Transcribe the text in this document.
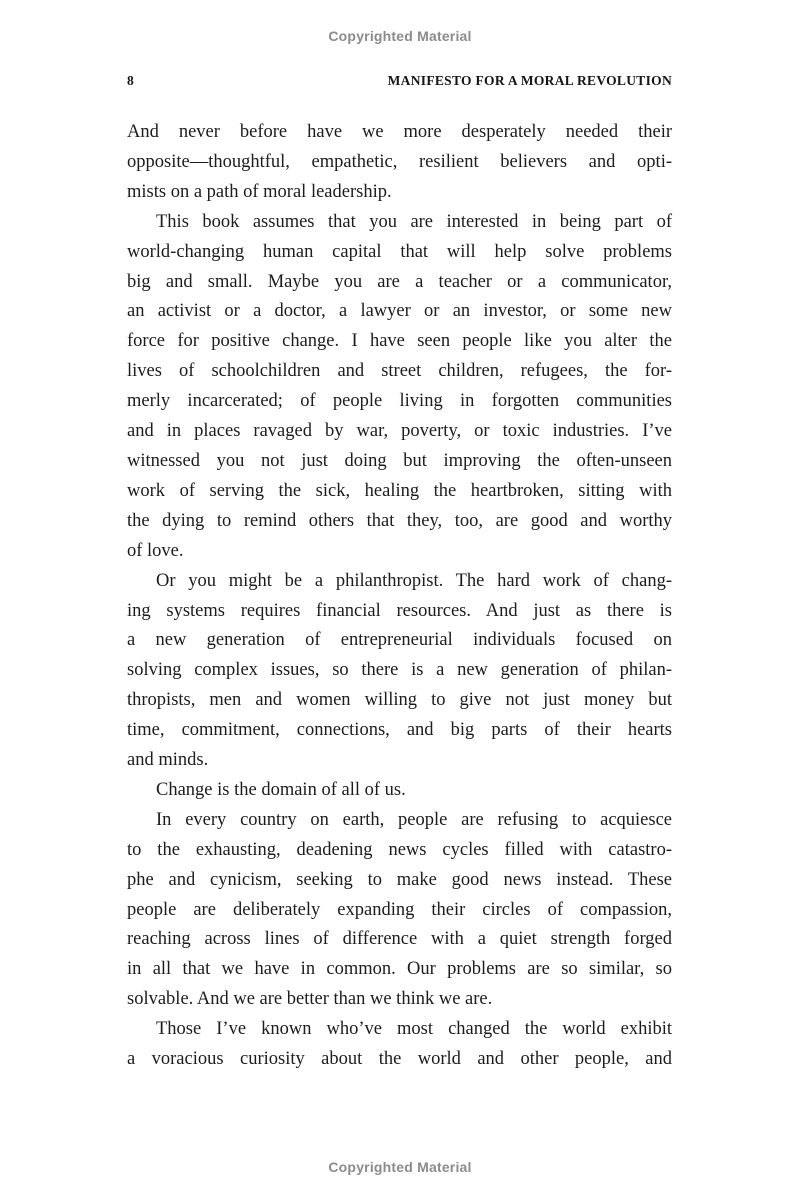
Copyrighted Material
8	MANIFESTO FOR A MORAL REVOLUTION
And never before have we more desperately needed their
opposite—thoughtful, empathetic, resilient believers and opti-
mists on a path of moral leadership.
This book assumes that you are interested in being part of
world-changing human capital that will help solve problems
big and small. Maybe you are a teacher or a communicator,
an activist or a doctor, a lawyer or an investor, or some new
force for positive change. I have seen people like you alter the
lives of schoolchildren and street children, refugees, the for-
merly incarcerated; of people living in forgotten communities
and in places ravaged by war, poverty, or toxic industries. I’ve
witnessed you not just doing but improving the often-unseen
work of serving the sick, healing the heartbroken, sitting with
the dying to remind others that they, too, are good and worthy
of love.
Or you might be a philanthropist. The hard work of chang-
ing systems requires financial resources. And just as there is
a new generation of entrepreneurial individuals focused on
solving complex issues, so there is a new generation of philan-
thropists, men and women willing to give not just money but
time, commitment, connections, and big parts of their hearts
and minds.
Change is the domain of all of us.
In every country on earth, people are refusing to acquiesce
to the exhausting, deadening news cycles filled with catastro-
phe and cynicism, seeking to make good news instead. These
people are deliberately expanding their circles of compassion,
reaching across lines of difference with a quiet strength forged
in all that we have in common. Our problems are so similar, so
solvable. And we are better than we think we are.
Those I’ve known who’ve most changed the world exhibit
a voracious curiosity about the world and other people, and
Copyrighted Material
